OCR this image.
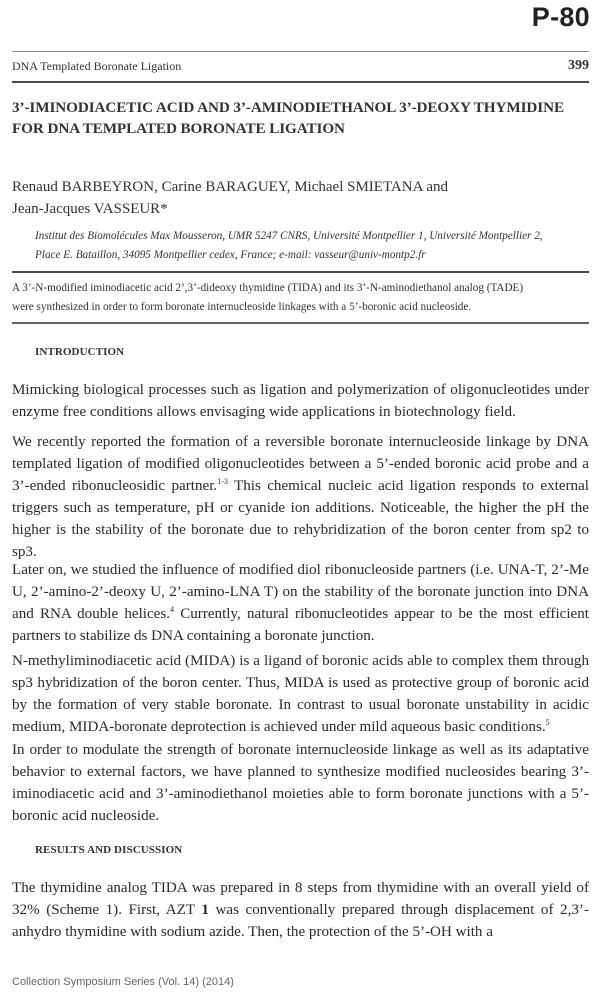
P-80
DNA Templated Boronate Ligation	399
3’-IMINODIACETIC ACID AND 3’-AMINODIETHANOL 3’-DEOXY THYMIDINE
FOR DNA TEMPLATED BORONATE LIGATION
Renaud BARBEYRON, Carine BARAGUEY, Michael SMIETANA and
Jean-Jacques VASSEUR*
Institut des Biomolécules Max Mousseron, UMR 5247 CNRS, Université Montpellier 1, Université Montpellier 2,
Place E. Bataillon, 34095 Montpellier cedex, France; e-mail: vasseur@univ-montp2.fr
A 3’-N-modified iminodiacetic acid 2’,3’-dideoxy thymidine (TIDA) and its 3’-N-aminodiethanol analog (TADE)
were synthesized in order to form boronate internucleoside linkages with a 5’-boronic acid nucleoside.
INTRODUCTION
Mimicking biological processes such as ligation and polymerization of oligonucleotides under enzyme free conditions allows envisaging wide applications in biotechnology field.
We recently reported the formation of a reversible boronate internucleoside linkage by DNA templated ligation of modified oligonucleotides between a 5’-ended boronic acid probe and a 3’-ended ribonucleosidic partner.$^{1-3}$ This chemical nucleic acid ligation responds to external triggers such as temperature, pH or cyanide ion additions. Noticeable, the higher the pH the higher is the stability of the boronate due to rehybridization of the boron center from sp2 to sp3.
Later on, we studied the influence of modified diol ribonucleoside partners (i.e. UNA-T, 2’-Me U, 2’-amino-2’-deoxy U, 2’-amino-LNA T) on the stability of the boronate junction into DNA and RNA double helices.$^4$ Currently, natural ribonucleotides appear to be the most efficient partners to stabilize ds DNA containing a boronate junction.
N-methyliminodiacetic acid (MIDA) is a ligand of boronic acids able to complex them through sp3 hybridization of the boron center. Thus, MIDA is used as protective group of boronic acid by the formation of very stable boronate. In contrast to usual boronate unstability in acidic medium, MIDA-boronate deprotection is achieved under mild aqueous basic conditions.$^5$
In order to modulate the strength of boronate internucleoside linkage as well as its adaptative behavior to external factors, we have planned to synthesize modified nucleosides bearing 3’-iminodiacetic acid and 3’-aminodiethanol moieties able to form boronate junctions with a 5’-boronic acid nucleoside.
RESULTS AND DISCUSSION
The thymidine analog TIDA was prepared in 8 steps from thymidine with an overall yield of 32% (Scheme 1). First, AZT 1 was conventionally prepared through displacement of 2,3’-anhydro thymidine with sodium azide. Then, the protection of the 5’-OH with a
Collection Symposium Series (Vol. 14) (2014)
